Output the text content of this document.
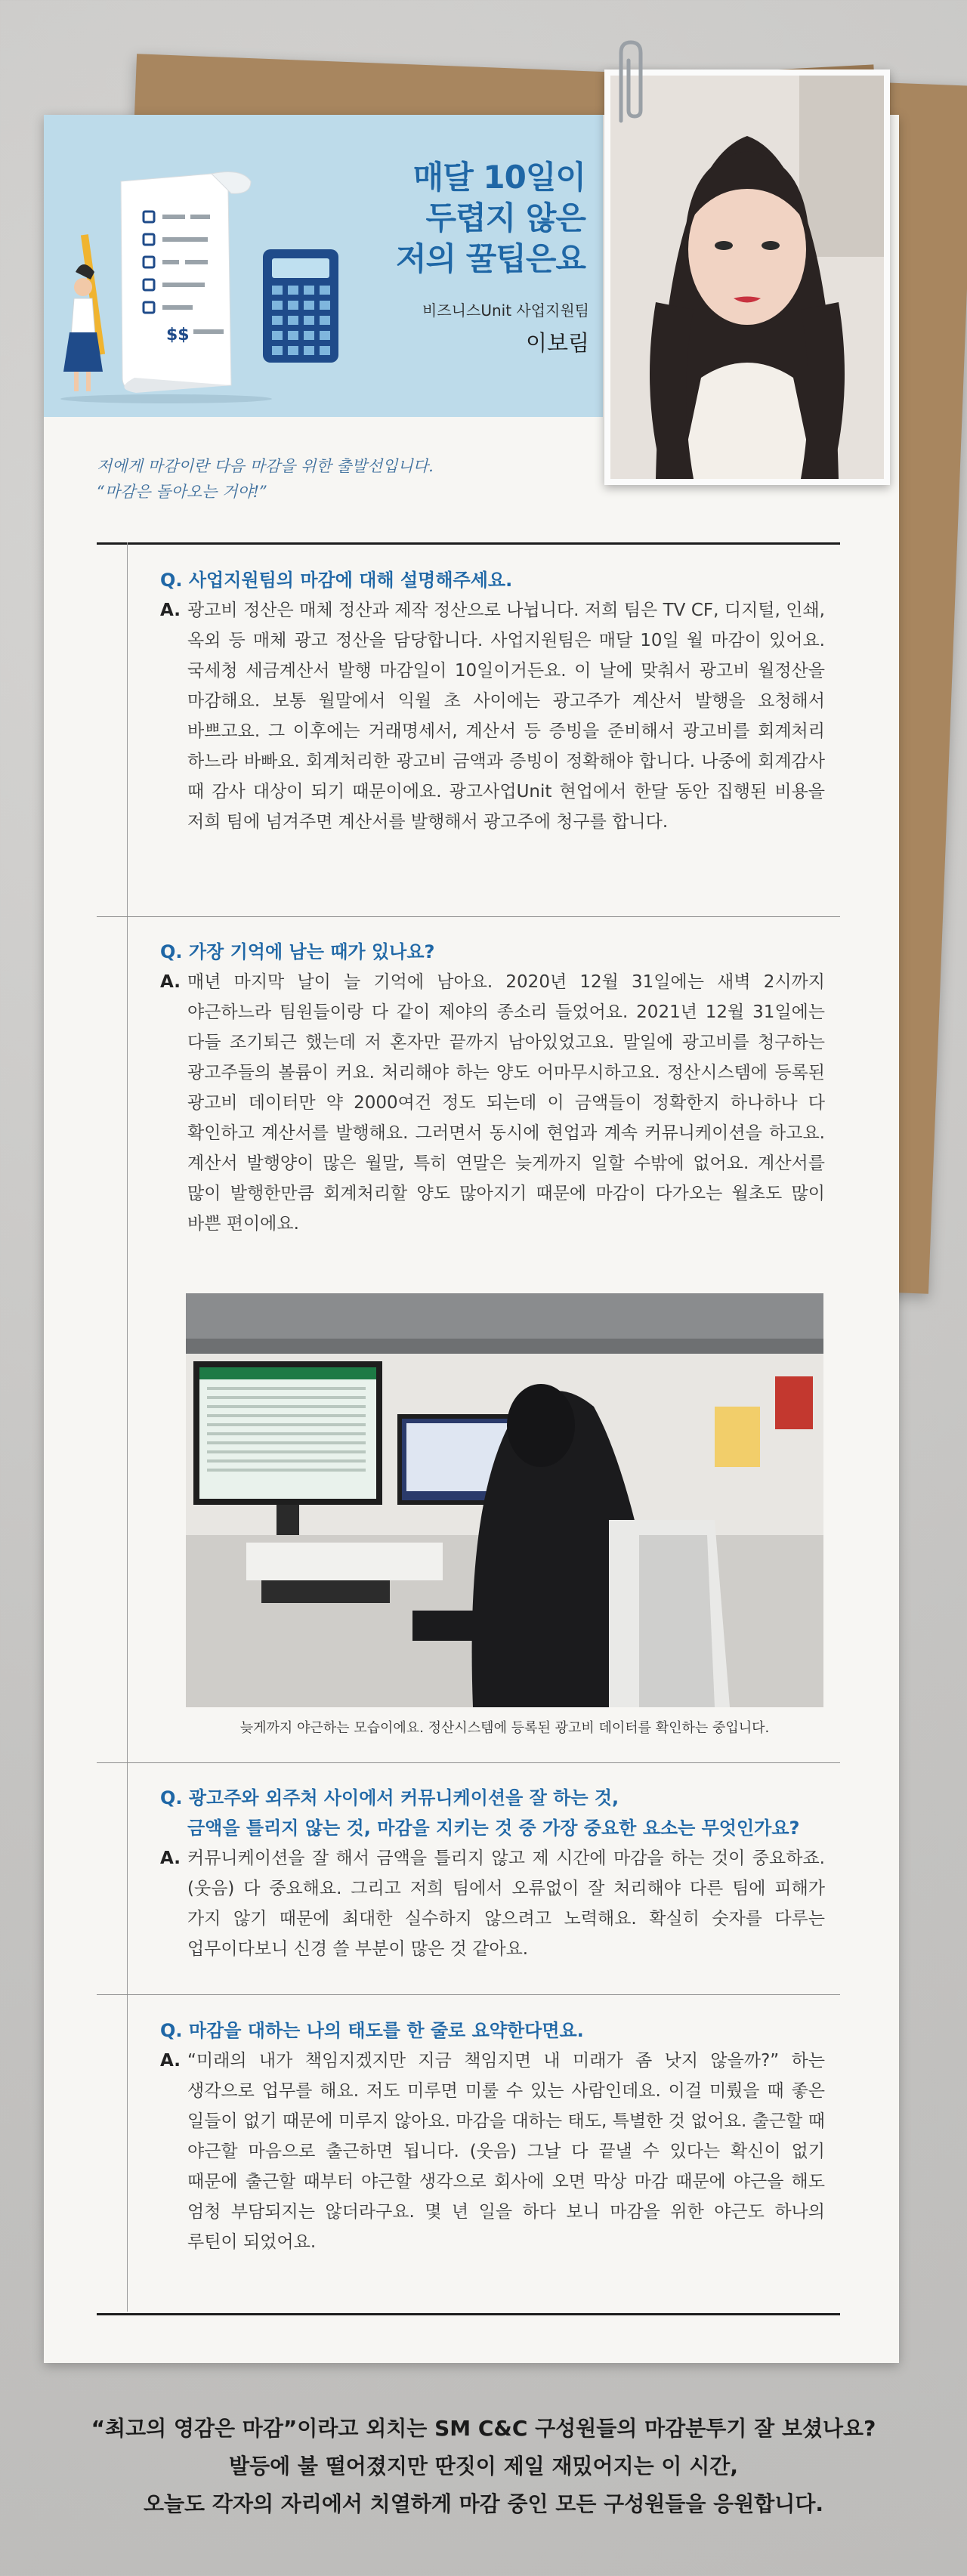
$$
매달 10일이
두렵지 않은
저의 꿀팁은요
비즈니스Unit 사업지원팀
이보림
저에게 마감이란 다음 마감을 위한 출발선입니다.
“마감은 돌아오는 거야!”

Q. 사업지원팀의 마감에 대해 설명해주세요.

A. 광고비 정산은 매체 정산과 제작 정산으로 나뉩니다. 저희 팀은 TV CF, 디지털, 인쇄, 옥외 등 매체 광고 정산을 담당합니다. 사업지원팀은 매달 10일 월 마감이 있어요. 국세청 세금계산서 발행 마감일이 10일이거든요. 이 날에 맞춰서 광고비 월정산을 마감해요. 보통 월말에서 익월 초 사이에는 광고주가 계산서 발행을 요청해서 바쁘고요. 그 이후에는 거래명세서, 계산서 등 증빙을 준비해서 광고비를 회계처리 하느라 바빠요. 회계처리한 광고비 금액과 증빙이 정확해야 합니다. 나중에 회계감사 때 감사 대상이 되기 때문이에요. 광고사업Unit 현업에서 한달 동안 집행된 비용을 저희 팀에 넘겨주면 계산서를 발행해서 광고주에 청구를 합니다.

Q. 가장 기억에 남는 때가 있나요?

A. 매년 마지막 날이 늘 기억에 남아요. 2020년 12월 31일에는 새벽 2시까지 야근하느라 팀원들이랑 다 같이 제야의 종소리 들었어요. 2021년 12월 31일에는 다들 조기퇴근 했는데 저 혼자만 끝까지 남아있었고요. 말일에 광고비를 청구하는 광고주들의 볼륨이 커요. 처리해야 하는 양도 어마무시하고요. 정산시스템에 등록된 광고비 데이터만 약 2000여건 정도 되는데 이 금액들이 정확한지 하나하나 다 확인하고 계산서를 발행해요. 그러면서 동시에 현업과 계속 커뮤니케이션을 하고요. 계산서 발행양이 많은 월말, 특히 연말은 늦게까지 일할 수밖에 없어요. 계산서를 많이 발행한만큼 회계처리할 양도 많아지기 때문에 마감이 다가오는 월초도 많이 바쁜 편이에요.
늦게까지 야근하는 모습이에요. 정산시스템에 등록된 광고비 데이터를 확인하는 중입니다.

Q. 광고주와 외주처 사이에서 커뮤니케이션을 잘 하는 것,
금액을 틀리지 않는 것, 마감을 지키는 것 중 가장 중요한 요소는 무엇인가요?

A. 커뮤니케이션을 잘 해서 금액을 틀리지 않고 제 시간에 마감을 하는 것이 중요하죠. (웃음) 다 중요해요. 그리고 저희 팀에서 오류없이 잘 처리해야 다른 팀에 피해가 가지 않기 때문에 최대한 실수하지 않으려고 노력해요. 확실히 숫자를 다루는 업무이다보니 신경 쓸 부분이 많은 것 같아요.

Q. 마감을 대하는 나의 태도를 한 줄로 요약한다면요.

A. “미래의 내가 책임지겠지만 지금 책임지면 내 미래가 좀 낫지 않을까?” 하는 생각으로 업무를 해요. 저도 미루면 미룰 수 있는 사람인데요. 이걸 미뤘을 때 좋은 일들이 없기 때문에 미루지 않아요. 마감을 대하는 태도, 특별한 것 없어요. 출근할 때 야근할 마음으로 출근하면 됩니다. (웃음) 그날 다 끝낼 수 있다는 확신이 없기 때문에 출근할 때부터 야근할 생각으로 회사에 오면 막상 마감 때문에 야근을 해도 엄청 부담되지는 않더라구요. 몇 년 일을 하다 보니 마감을 위한 야근도 하나의 루틴이 되었어요.
“최고의 영감은 마감”이라고 외치는 SM C&C 구성원들의 마감분투기 잘 보셨나요?
발등에 불 떨어졌지만 딴짓이 제일 재밌어지는 이 시간,
오늘도 각자의 자리에서 치열하게 마감 중인 모든 구성원들을 응원합니다.
